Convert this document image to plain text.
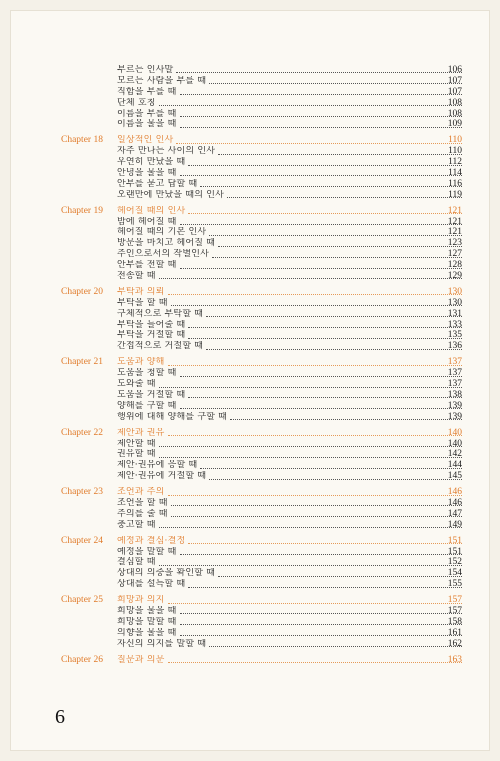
부르는 인사말	106
모르는 사람을 부를 때	107
직함을 부를 때	107
단체 호칭	108
이름을 부를 때	108
이름을 물을 때	109
Chapter 18	일상적인 인사	110
자주 만나는 사이의 인사	110
우연히 만났을 때	112
안녕을 물을 때	114
안부를 묻고 답할 때	116
오랜만에 만났을 때의 인사	119
Chapter 19	헤어질 때의 인사	121
밤에 헤어질 때	121
헤어질 때의 기본 인사	121
방문을 마치고 헤어질 때	123
주인으로서의 작별인사	127
안부를 전할 때	128
전송할 때	129
Chapter 20	부탁과 의뢰	130
부탁을 할 때	130
구체적으로 부탁할 때	131
부탁을 들어줄 때	133
부탁을 거절할 때	135
간접적으로 거절할 때	136
Chapter 21	도움과 양해	137
도움을 청할 때	137
도와줄 때	137
도움을 거절할 때	138
양해를 구할 때	139
행위에 대해 양해를 구할 때	139
Chapter 22	제안과 권유	140
제안할 때	140
권유할 때	142
제안·권유에 응할 때	144
제안·권유에 거절할 때	145
Chapter 23	조언과 주의	146
조언을 할 때	146
주의를 줄 때	147
충고할 때	149
Chapter 24	예정과 결심·결정	151
예정을 말할 때	151
결심할 때	152
상대의 의중을 확인할 때	154
상대를 설득할 때	155
Chapter 25	희망과 의지	157
희망을 물을 때	157
희망을 말할 때	158
의향을 물을 때	161
자신의 의지를 말할 때	162
Chapter 26	질문과 의문	163
6
